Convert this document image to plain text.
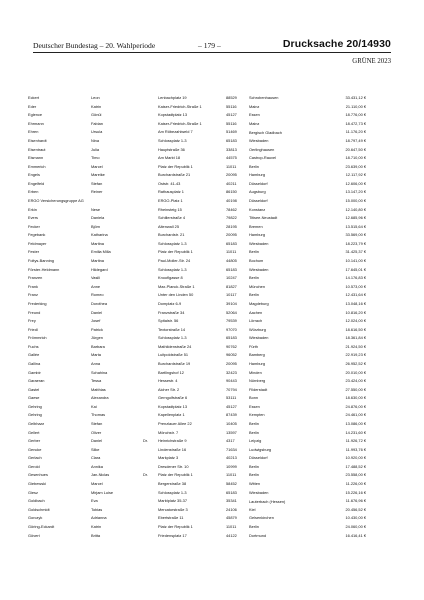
Deutscher Bundestag – 20. Wahlperiode	– 179 –	Drucksache 20/14930
GRÜNE 2023
Eckert	Leon		Lenbachplatz 19	88529	Schrobenhausen	33.431,12 €
Eder	Katrin		Kaiser-Friedrich-Straße 1	55116	Mainz	21.110,00 €
Eglence	Gönül		Kopstadtplatz 13	45127	Essen	18.776,00 €
Ehrmann	Fabian		Kaiser-Friedrich-Straße 1	55116	Mainz	18.472,73 €
Ehren	Ursula		Am Röbezahlweld 7	51469	Bergisch Gladbach	11.176,20 €
Eisenhardt	Nina		Schlossplatz 1-3	65183	Wiesbaden	18.797,49 €
Eisentraut	Julia		Hauptstraße 36	33813	Oerlinghausen	20.647,50 €
Eismann	Timo		Am Markt 18	44575	Castrop-Rauxel	18.710,00 €
Emmerich	Marcel		Platz der Republik 1	11011	Berlin	23.639,00 €
Engels	Mareike		Burchardstraße 21	20095	Hamburg	12.117,92 €
Engelfeld	Stefan		Oststr. 41-43	40211	Düsseldorf	12.606,00 €
Erben	Reiner		Rathausplatz 1	86150	Augsburg	13.147,20 €
ERGO Versicherungsgruppe AG			ERGO-Platz 1	40198	Düsseldorf	15.000,00 €
Erkin	Nese		Rheinsteig 15	78462	Konstanz	12.140,80 €
Evers	Daniela		Schillerstraße 4	79822	Titisee-Neustadt	12.685,96 €
Fecker	Björn		Altenwall 25	28195	Bremen	13.515,64 €
Fegebank	Katharina		Burchardstr. 21	20095	Hamburg	33.569,00 €
Feldmayer	Martina		Schlossplatz 1-3	65183	Wiesbaden	18.223,79 €
Fester	Emilia Milla		Platz der Republik 1	11011	Berlin	31.425,37 €
Foltys-Banning	Martina		Paul-Moller-Str. 24	44805	Bochum	10.141,00 €
Förster-Heldmann	Hildegard		Schlossplatz 1-3	65183	Wiesbaden	17.645,01 €
Franzen	Vasili		Knooflgasse 8	10247	Berlin	14.176,83 €
Frank	Anne		Max-Planck-Straße 1	81827	München	10.573,00 €
Franz	Romeo		Unter den Linden 50	10117	Berlin	12.431,64 €
Frederking	Dorothea		Domplatz 6-9	39104	Magdeburg	13.048,16 €
Freund	Daniel		Franzstraße 34	52064	Aachen	10.816,20 €
Frey	Josef		Spitalstr. 56	79539	Lörrach	12.024,00 €
Friedl	Patrick		Textorstraße 14	97070	Würzburg	18.616,50 €
Frömmrich	Jürgen		Schlossplatz 1-3	65183	Wiesbaden	18.361,84 €
Fuchs	Barbara		Mathildenstraße 24	90762	Fürth	21.924,50 €
Gallée	Marta		Luitpoldstraße 51	96052	Bamberg	22.919,23 €
Gallina	Anna		Burchardstraße 19	20095	Hamburg	26.952,52 €
Gambir	Schahina		Bartlingshof 12	32423	Minden	20.010,00 €
Garaeran	Tessa		Hessestr. 4	90443	Nürnberg	23.424,00 €
Gastel	Matthias		Aicher Str. 2	70794	Filderstadt	27.550,00 €
Gaese	Alexandra		Gerngolfstraße 6	53111	Bonn	18.630,00 €
Gehring	Kai		Kopstadtplatz 13	45127	Essen	24.876,00 €
Gehring	Thomas		Kapellenplatz 1	87439	Kempten	24.461,00 €
Gelbhaar	Stefan		Prenzlauer Allee 22	10405	Berlin	13.086,00 €
Gellert	Oliver		Mönchstr. 7	13597	Berlin	14.231,60 €
Gerber	Daniel	Dr.	Heinrichstraße 9	4317	Leipzig	11.926,72 €
Gencke	Silke		Lindenstraße 16	71634	Ludwigsburg	11.993,76 €
Gerlach	Clara		Markplatz 3	40213	Düsseldorf	10.920,00 €
Gerold	Annika		Dresdener Str. 10	10999	Berlin	17.488,52 €
Gesenhues	Jan-Niclas	Dr.	Platz der Republik 1	11011	Berlin	23.558,00 €
Giebewski	Marcel		Bergerstraße 38	58452	Witten	11.226,00 €
Giesz	Mirjam Luise		Schlossplatz 1-3	65183	Wiesbaden	15.226,16 €
Goldbach	Eva		Marktplatz 35-37	35341	Lauterbach (Hessen)	11.676,96 €
Goldschmidt	Tobias		Mercatorstraße 3	24106	Kiel	20.456,52 €
Gorczyk	Adrianna		Ebertstraße 11	45879	Gelsenkirchen	10.430,00 €
Göring-Eckardt	Katrin		Platz der Republik 1	11011	Berlin	24.060,00 €
Gövert	Britta		Friedensplatz 17	44122	Dortmund	16.416,41 €
